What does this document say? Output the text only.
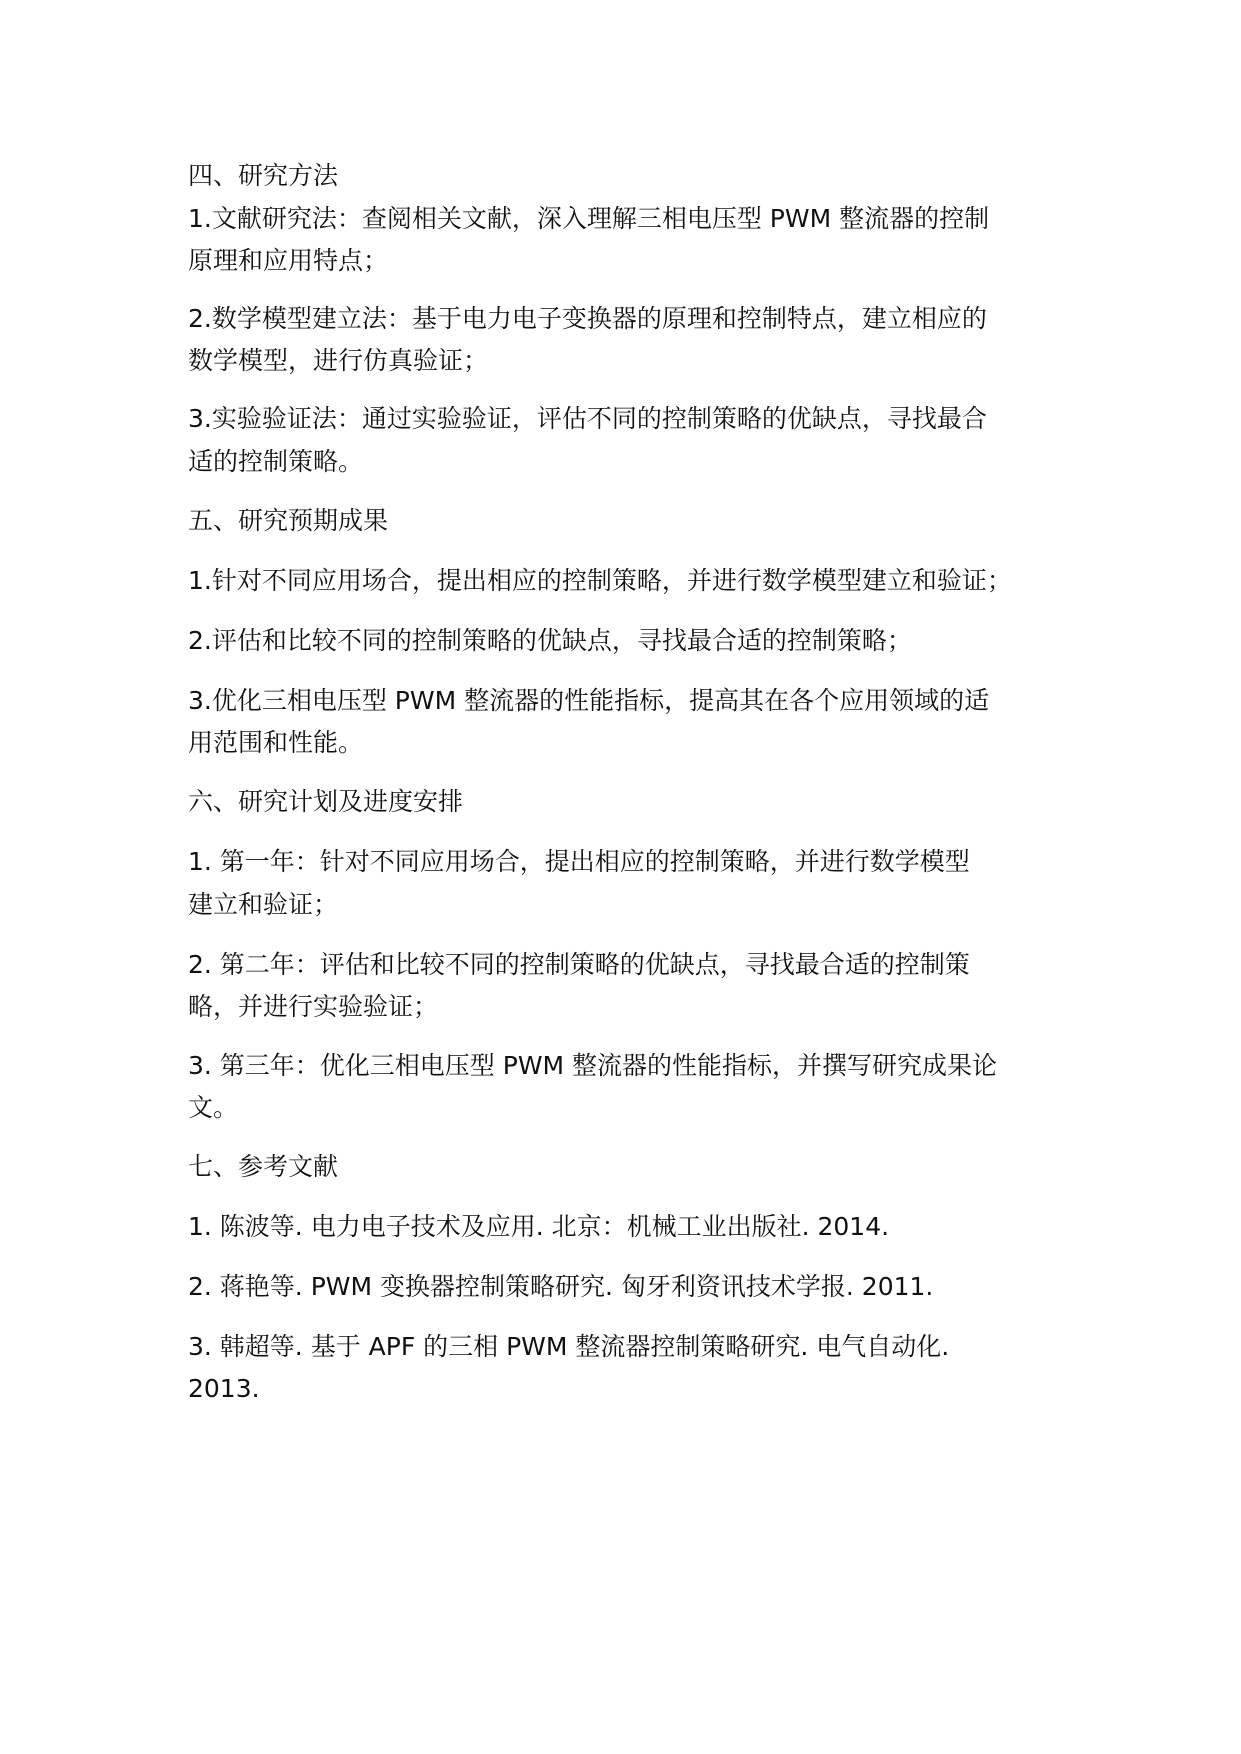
四、研究方法

1.文献研究法：查阅相关文献，深入理解三相电压型 PWM 整流器的控制

原理和应用特点；

2.数学模型建立法：基于电力电子变换器的原理和控制特点，建立相应的

数学模型，进行仿真验证；

3.实验验证法：通过实验验证，评估不同的控制策略的优缺点，寻找最合

适的控制策略。

五、研究预期成果

1.针对不同应用场合，提出相应的控制策略，并进行数学模型建立和验证；

2.评估和比较不同的控制策略的优缺点，寻找最合适的控制策略；

3.优化三相电压型 PWM 整流器的性能指标，提高其在各个应用领域的适

用范围和性能。

六、研究计划及进度安排

1. 第一年：针对不同应用场合，提出相应的控制策略，并进行数学模型

建立和验证；

2. 第二年：评估和比较不同的控制策略的优缺点，寻找最合适的控制策

略，并进行实验验证；

3. 第三年：优化三相电压型 PWM 整流器的性能指标，并撰写研究成果论

文。

七、参考文献

1. 陈波等. 电力电子技术及应用. 北京：机械工业出版社. 2014.

2. 蒋艳等. PWM 变换器控制策略研究. 匈牙利资讯技术学报. 2011.

3. 韩超等. 基于 APF 的三相 PWM 整流器控制策略研究. 电气自动化.

2013.
